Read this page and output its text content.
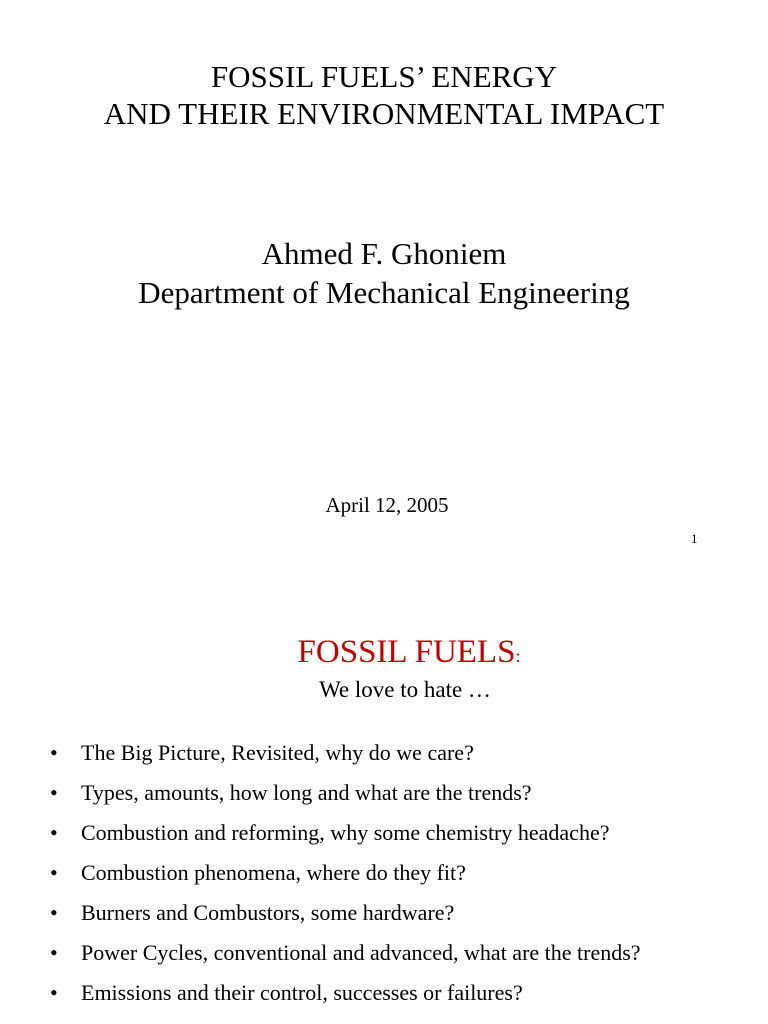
FOSSIL FUELS’ ENERGY
AND THEIR ENVIRONMENTAL IMPACT
Ahmed F. Ghoniem
Department of Mechanical Engineering
April 12, 2005
1
FOSSIL FUELS:
We love to hate …
• The Big Picture, Revisited, why do we care?
• Types, amounts, how long and what are the trends?
• Combustion and reforming, why some chemistry headache?
• Combustion phenomena, where do they fit?
• Burners and Combustors, some hardware?
• Power Cycles, conventional and advanced, what are the trends?
• Emissions and their control, successes or failures?
